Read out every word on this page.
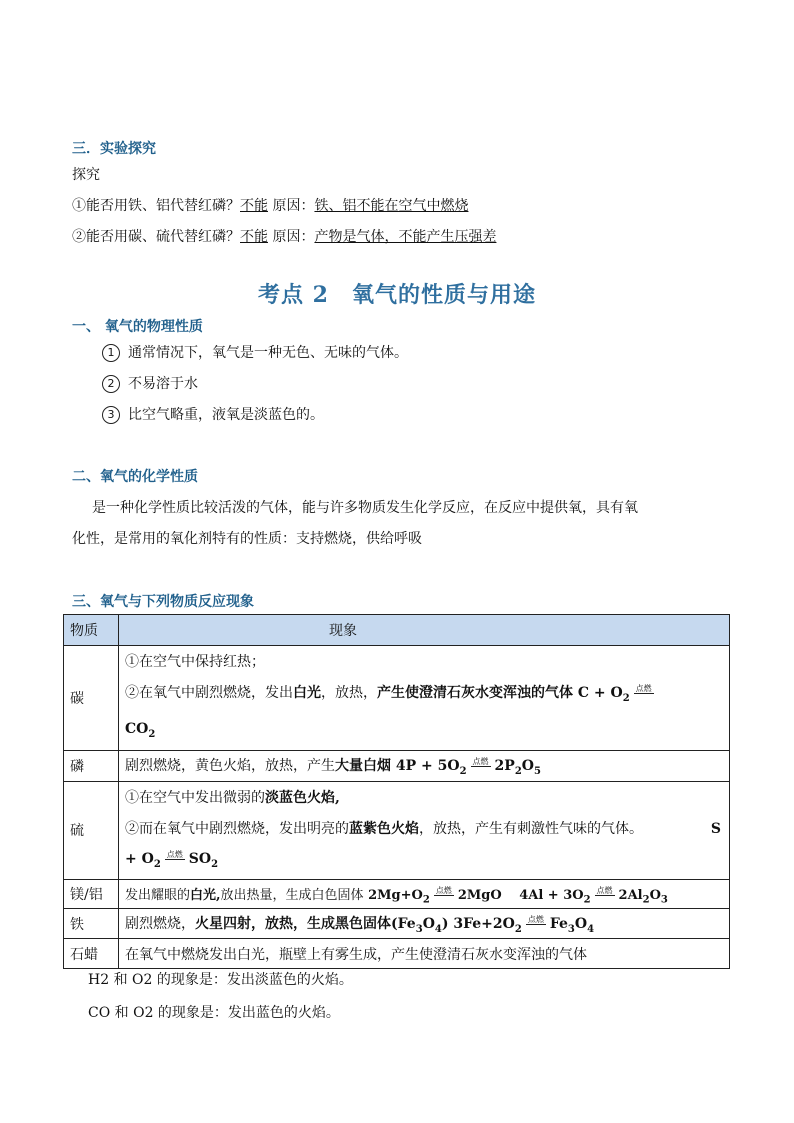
三．实验探究
探究
①能否用铁、铝代替红磷？不能 原因：铁、铝不能在空气中燃烧
②能否用碳、硫代替红磷？不能 原因：产物是气体，不能产生压强差
考点 2　氧气的性质与用途
一、 氧气的物理性质
1 通常情况下，氧气是一种无色、无味的气体。
2 不易溶于水
3 比空气略重，液氧是淡蓝色的。
二、氧气的化学性质
是一种化学性质比较活泼的气体，能与许多物质发生化学反应，在反应中提供氧，具有氧
化性，是常用的氧化剂特有的性质：支持燃烧，供给呼吸
三、氧气与下列物质反应现象
物质	现象
碳	①在空气中保持红热；
②在氧气中剧烈燃烧，发出白光，放热，产生使澄清石灰水变浑浊的气体 $C + O_2$点燃
$CO_2$

磷	剧烈燃烧，黄色火焰，放热，产生大量白烟 $4P + 5O_2$点燃 $2P_2O_5$
硫	①在空气中发出微弱的淡蓝色火焰,
②而在氧气中剧烈燃烧，发出明亮的蓝紫色火焰，放热，产生有刺激性气味的气体。 S
+ $O_2$点燃 $SO_2$

镁/铝	发出耀眼的白光,放出热量，生成白色固体 $2Mg+O_2$点燃 2MgO　 $4Al + 3O_2$点燃 $2Al_2O_3$
铁	剧烈燃烧，火星四射，放热，生成黑色固体$(Fe_3O_4)$ $3Fe+2O_2$点燃 $Fe_3O_4$
石蜡	在氧气中燃烧发出白光，瓶壁上有雾生成，产生使澄清石灰水变浑浊的气体
H2 和 O2 的现象是：发出淡蓝色的火焰。
CO 和 O2 的现象是：发出蓝色的火焰。
